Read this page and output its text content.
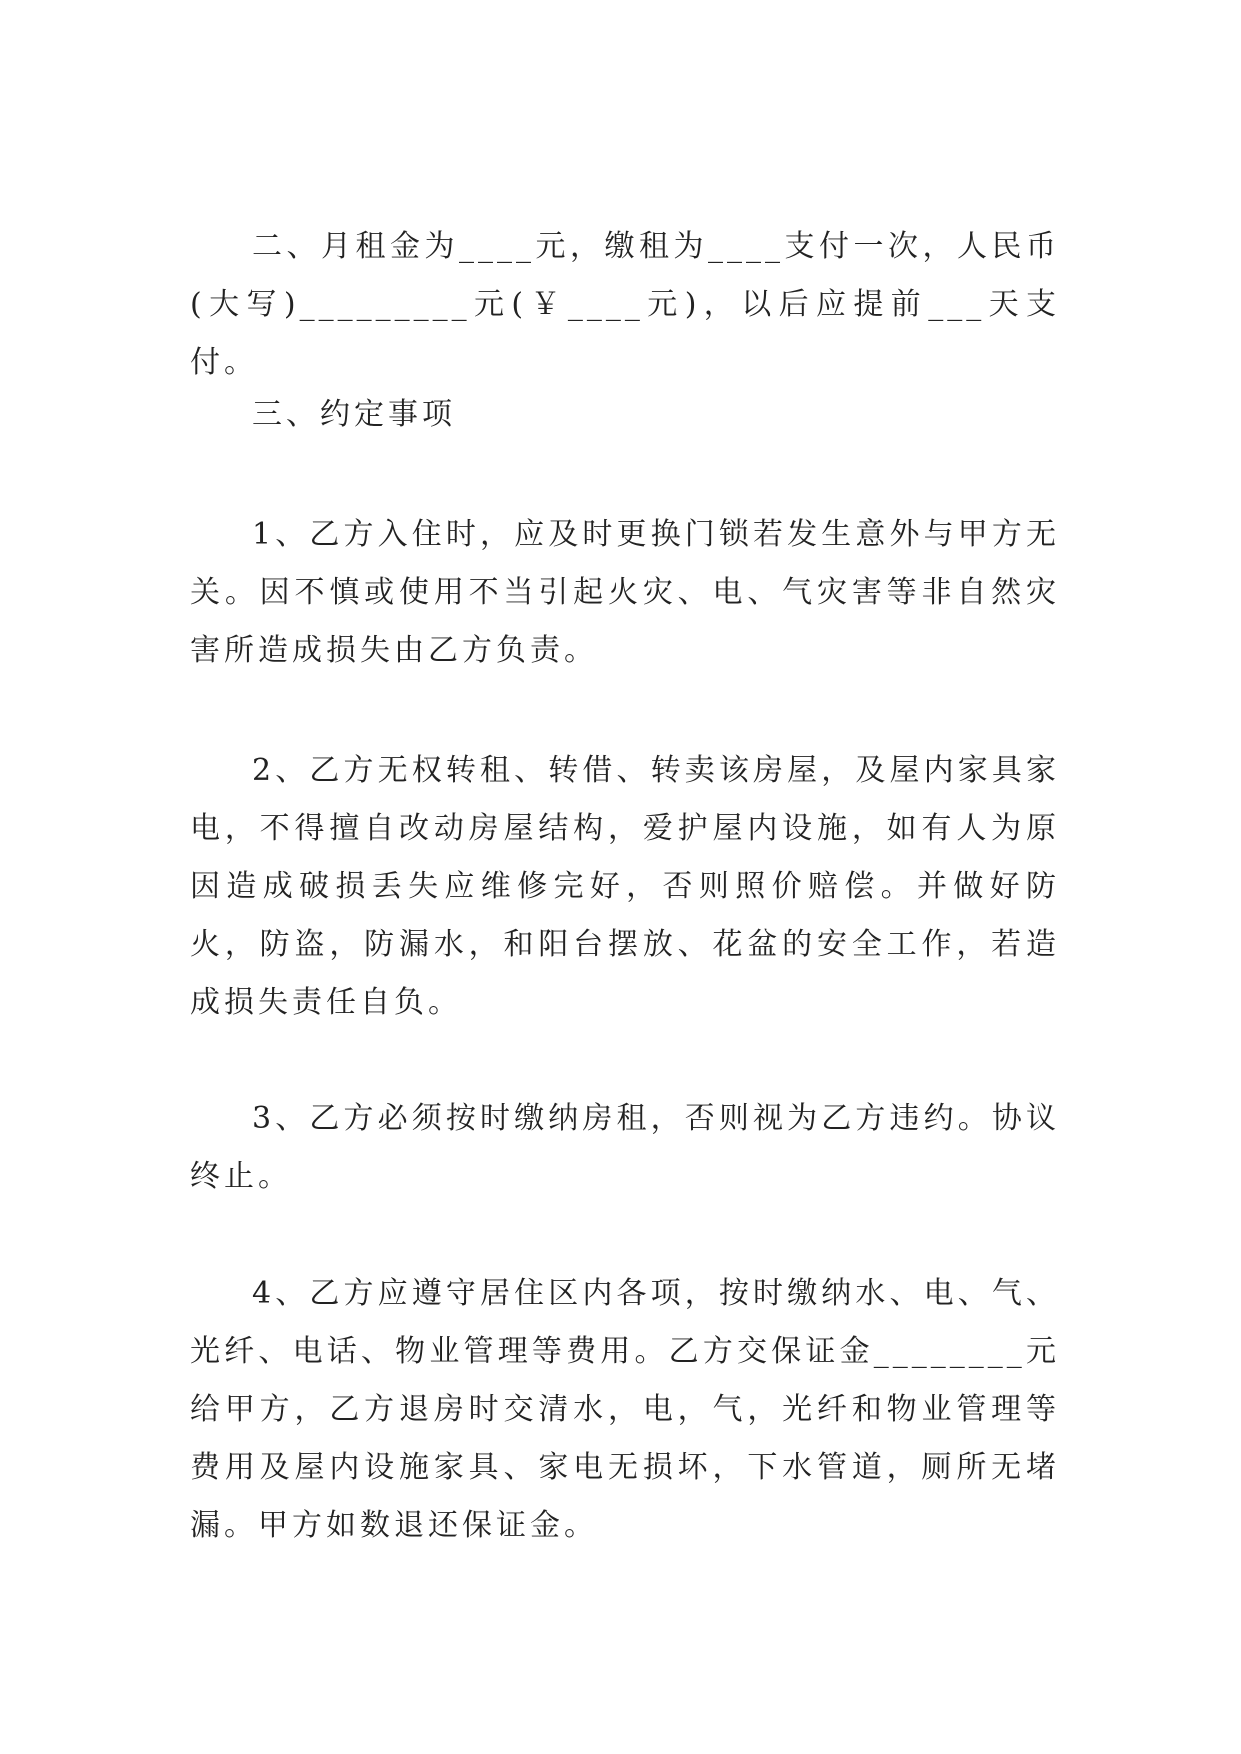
二、月租金为____元，缴租为____支付一次，人民币(大写)_________元(￥____元)，以后应提前___天支付。

三、约定事项

1、乙方入住时，应及时更换门锁若发生意外与甲方无关。因不慎或使用不当引起火灾、电、气灾害等非自然灾害所造成损失由乙方负责。

2、乙方无权转租、转借、转卖该房屋，及屋内家具家电，不得擅自改动房屋结构，爱护屋内设施，如有人为原因造成破损丢失应维修完好，否则照价赔偿。并做好防火，防盗，防漏水，和阳台摆放、花盆的安全工作，若造成损失责任自负。

3、乙方必须按时缴纳房租，否则视为乙方违约。协议终止。

4、乙方应遵守居住区内各项，按时缴纳水、电、气、光纤、电话、物业管理等费用。乙方交保证金________元给甲方，乙方退房时交清水，电，气，光纤和物业管理等费用及屋内设施家具、家电无损坏，下水管道，厕所无堵漏。甲方如数退还保证金。
